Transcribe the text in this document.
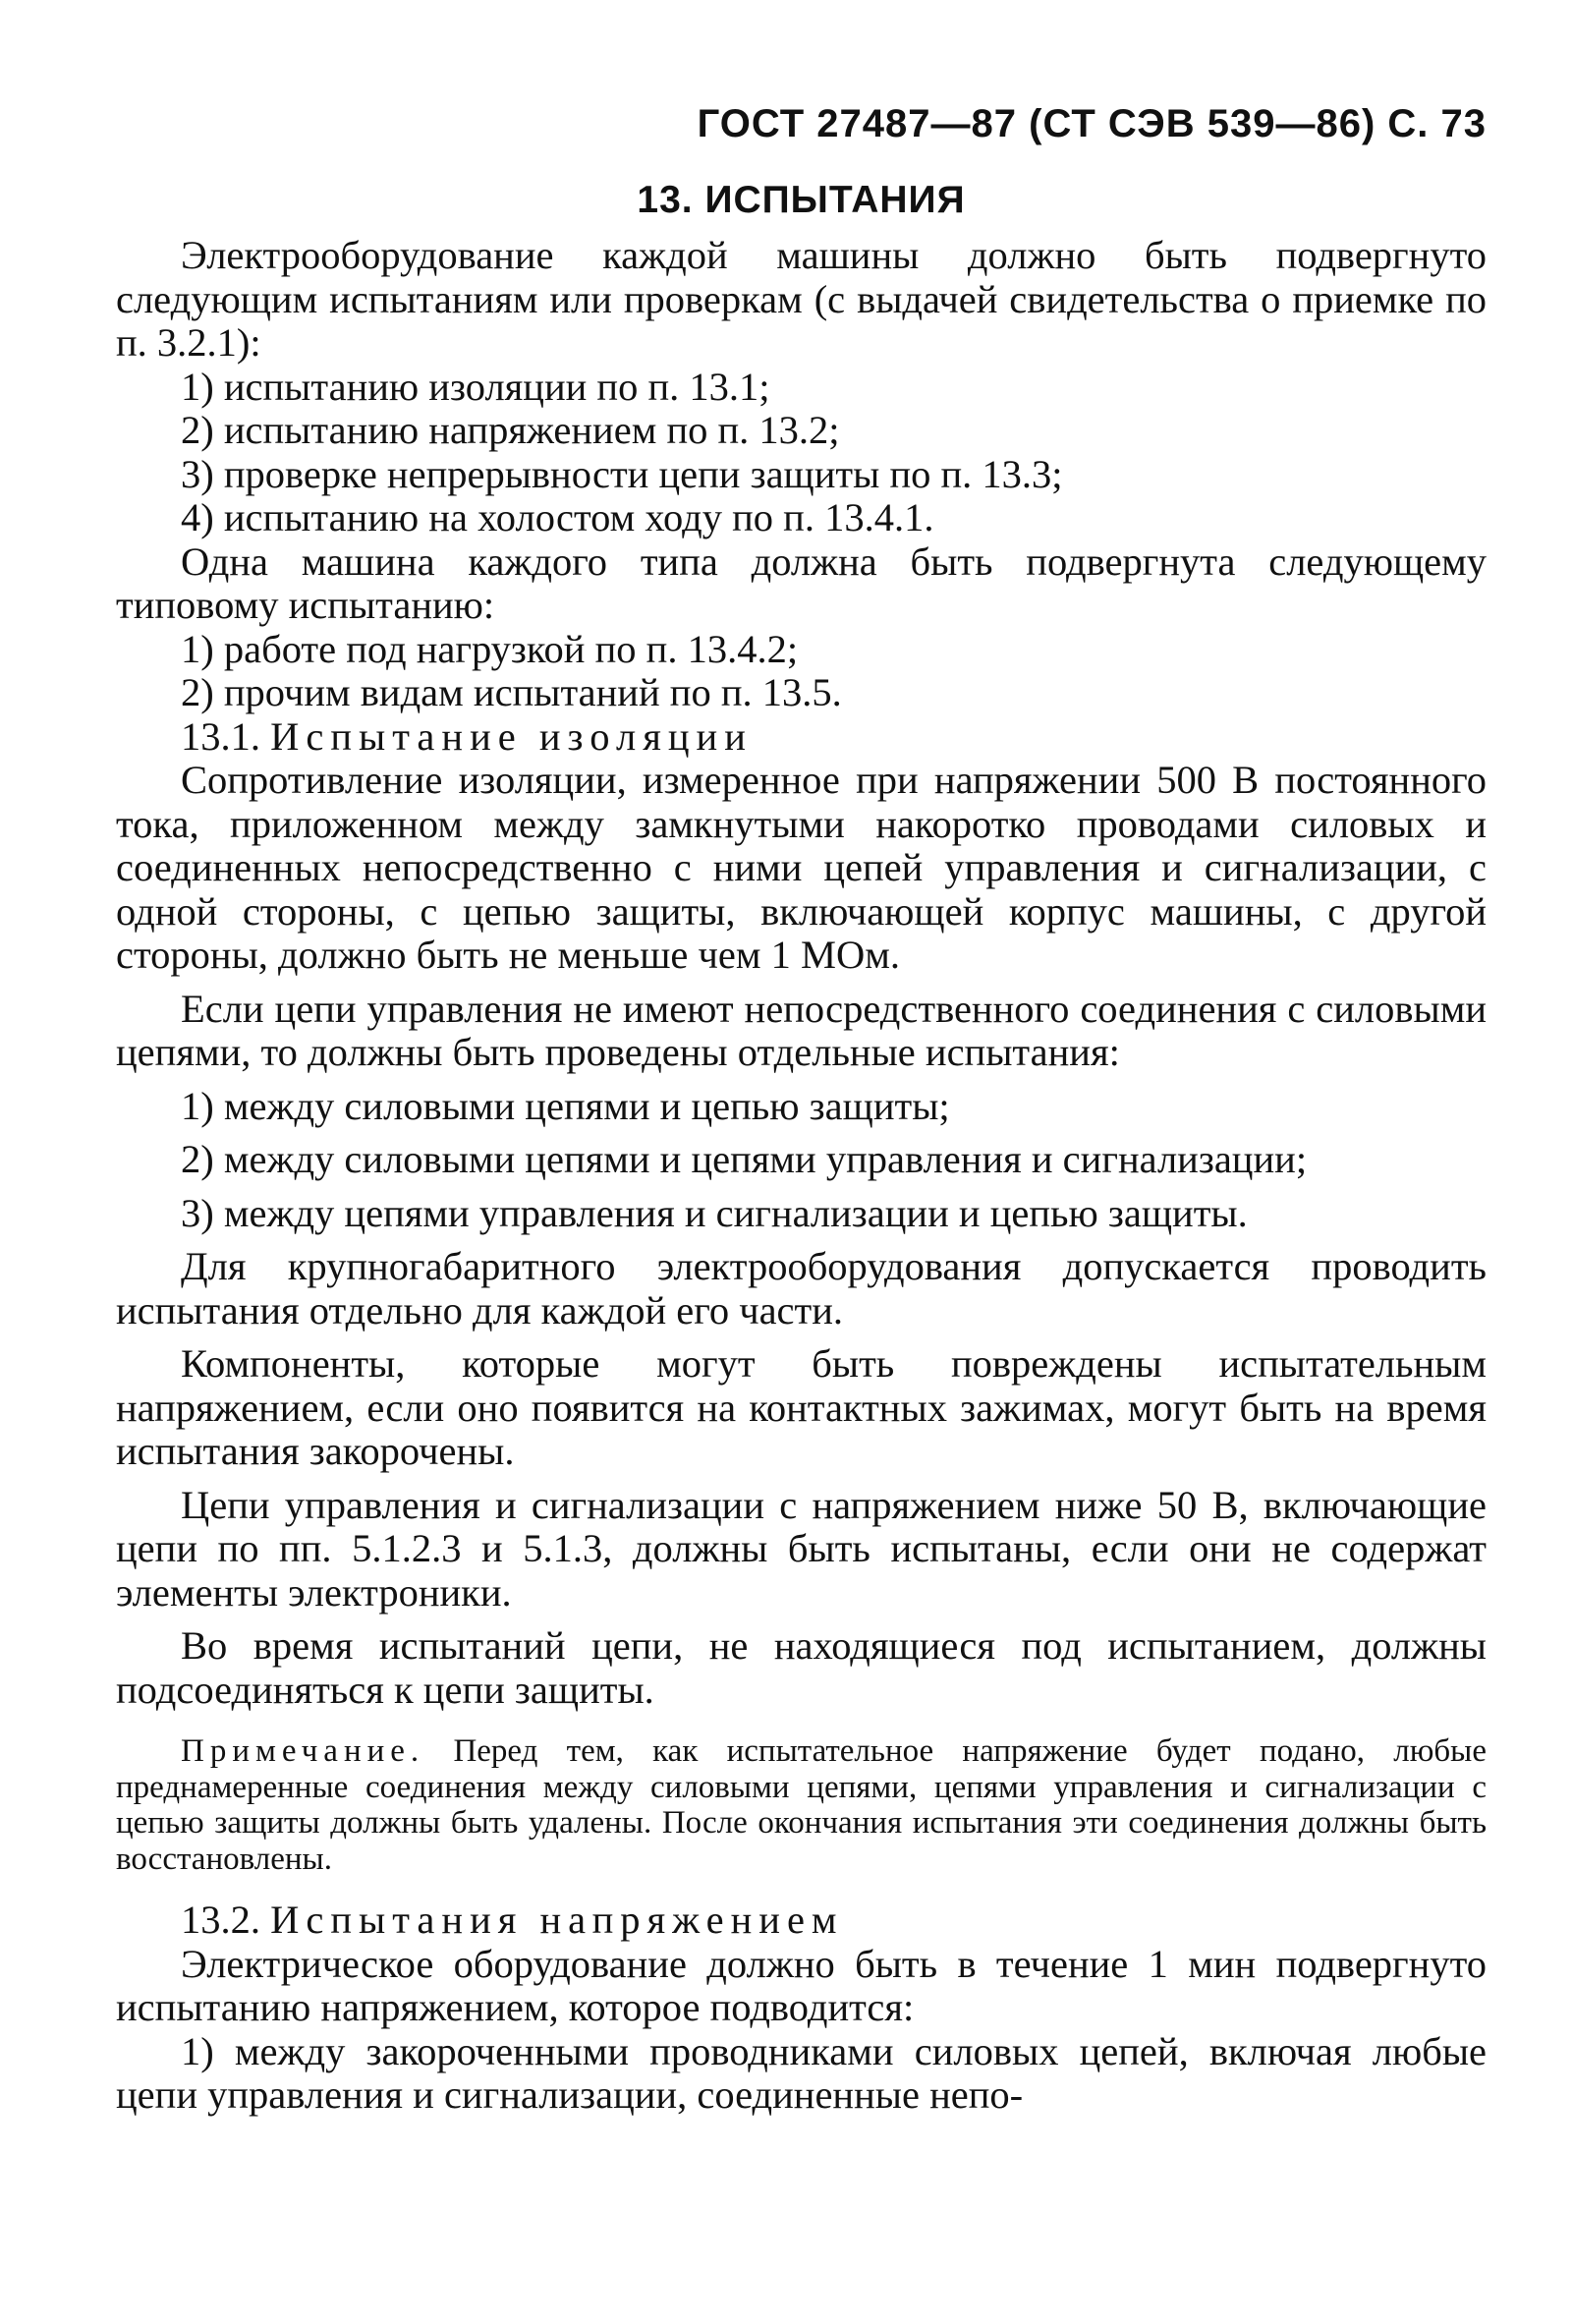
ГОСТ 27487—87 (СТ СЭВ 539—86) С. 73
13. ИСПЫТАНИЯ

Электрооборудование каждой машины должно быть подвергнуто следующим испытаниям или проверкам (с выдачей свидетельства о приемке по п. 3.2.1):

1) испытанию изоляции по п. 13.1;

2) испытанию напряжением по п. 13.2;

3) проверке непрерывности цепи защиты по п. 13.3;

4) испытанию на холостом ходу по п. 13.4.1.

Одна машина каждого типа должна быть подвергнута следующему типовому испытанию:

1) работе под нагрузкой по п. 13.4.2;

2) прочим видам испытаний по п. 13.5.

13.1. Испытание изоляции

Сопротивление изоляции, измеренное при напряжении 500 В постоянного тока, приложенном между замкнутыми накоротко проводами силовых и соединенных непосредственно с ними цепей управления и сигнализации, с одной стороны, с цепью защиты, включающей корпус машины, с другой стороны, должно быть не меньше чем 1 МОм.

Если цепи управления не имеют непосредственного соединения с силовыми цепями, то должны быть проведены отдельные испытания:

1) между силовыми цепями и цепью защиты;

2) между силовыми цепями и цепями управления и сигнализации;

3) между цепями управления и сигнализации и цепью защиты.

Для крупногабаритного электрооборудования допускается проводить испытания отдельно для каждой его части.

Компоненты, которые могут быть повреждены испытательным напряжением, если оно появится на контактных зажимах, могут быть на время испытания закорочены.

Цепи управления и сигнализации с напряжением ниже 50 В, включающие цепи по пп. 5.1.2.3 и 5.1.3, должны быть испытаны, если они не содержат элементы электроники.

Во время испытаний цепи, не находящиеся под испытанием, должны подсоединяться к цепи защиты.

Примечание. Перед тем, как испытательное напряжение будет подано, любые преднамеренные соединения между силовыми цепями, цепями управления и сигнализации с цепью защиты должны быть удалены. После окончания испытания эти соединения должны быть восстановлены.
13.2. Испытания напряжением

Электрическое оборудование должно быть в течение 1 мин подвергнуто испытанию напряжением, которое подводится:

1) между закороченными проводниками силовых цепей, включая любые цепи управления и сигнализации, соединенные непо-
